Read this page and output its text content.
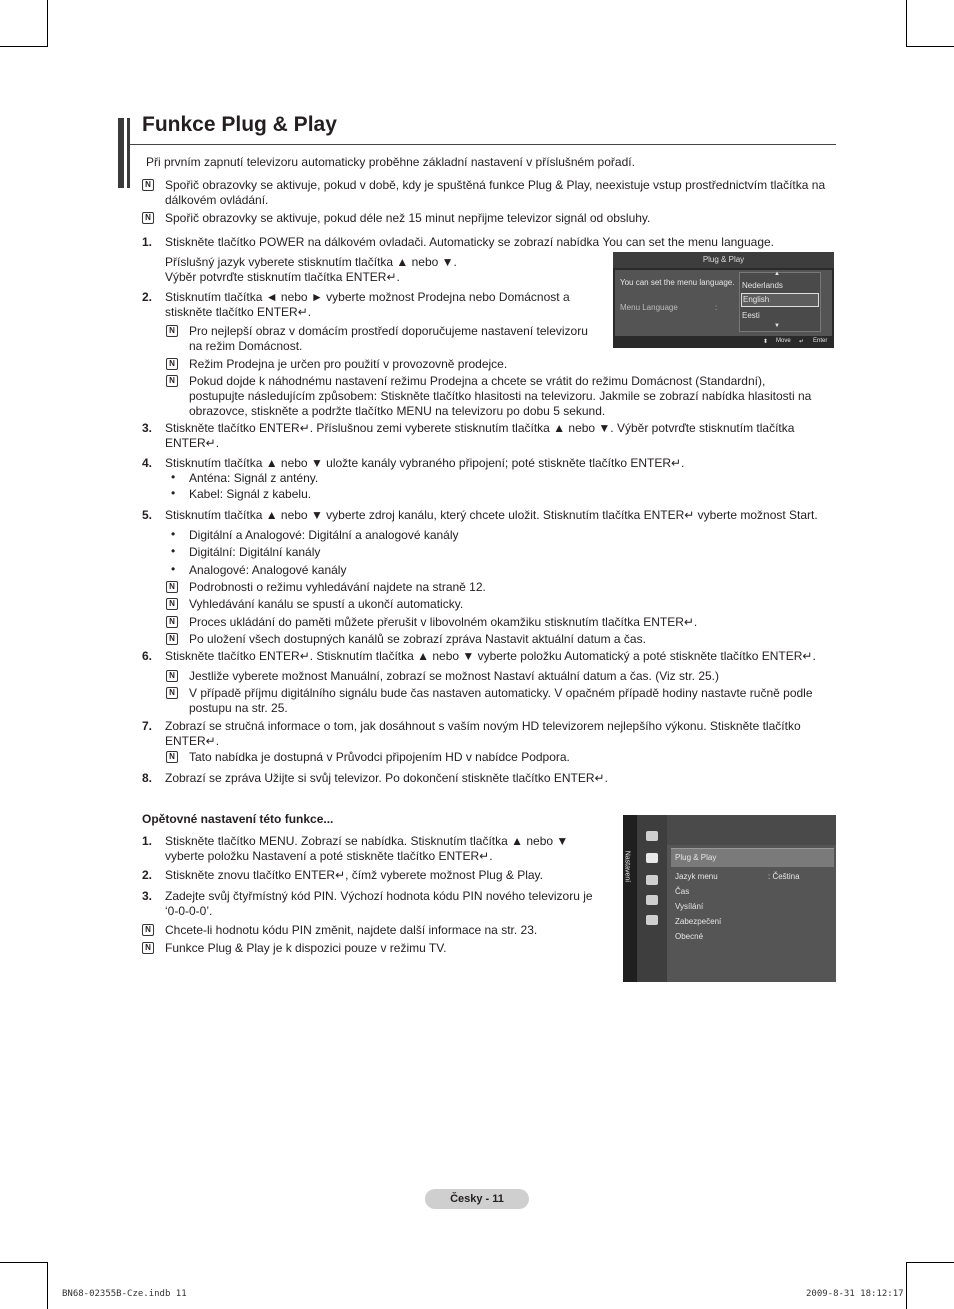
Funkce Plug & Play
Při prvním zapnutí televizoru automaticky proběhne základní nastavení v příslušném pořadí.
N Spořič obrazovky se aktivuje, pokud v době, kdy je spuštěná funkce Plug & Play, neexistuje vstup prostřednictvím tlačítka na
dálkovém ovládání.
N Spořič obrazovky se aktivuje, pokud déle než 15 minut nepřijme televizor signál od obsluhy.
1. Stiskněte tlačítko POWER na dálkovém ovladači. Automaticky se zobrazí nabídka You can set the menu language.
Příslušný jazyk vyberete stisknutím tlačítka ▲ nebo ▼.
Výběr potvrďte stisknutím tlačítka ENTER↵.
2. Stisknutím tlačítka ◄ nebo ► vyberte možnost Prodejna nebo Domácnost a
stiskněte tlačítko ENTER↵.
N Pro nejlepší obraz v domácím prostředí doporučujeme nastavení televizoru
na režim Domácnost.
N Režim Prodejna je určen pro použití v provozovně prodejce.
N Pokud dojde k náhodnému nastavení režimu Prodejna a chcete se vrátit do režimu Domácnost (Standardní),
postupujte následujícím způsobem: Stiskněte tlačítko hlasitosti na televizoru. Jakmile se zobrazí nabídka hlasitosti na
obrazovce, stiskněte a podržte tlačítko MENU na televizoru po dobu 5 sekund.
3. Stiskněte tlačítko ENTER↵. Příslušnou zemi vyberete stisknutím tlačítka ▲ nebo ▼. Výběr potvrďte stisknutím tlačítka
ENTER↵.
4. Stisknutím tlačítka ▲ nebo ▼ uložte kanály vybraného připojení; poté stiskněte tlačítko ENTER↵.
• Anténa: Signál z antény.
• Kabel: Signál z kabelu.
5. Stisknutím tlačítka ▲ nebo ▼ vyberte zdroj kanálu, který chcete uložit. Stisknutím tlačítka ENTER↵ vyberte možnost Start.
• Digitální a Analogové: Digitální a analogové kanály
• Digitální: Digitální kanály
• Analogové: Analogové kanály
N Podrobnosti o režimu vyhledávání najdete na straně 12.
N Vyhledávání kanálu se spustí a ukončí automaticky.
N Proces ukládání do paměti můžete přerušit v libovolném okamžiku stisknutím tlačítka ENTER↵.
N Po uložení všech dostupných kanálů se zobrazí zpráva Nastavit aktuální datum a čas.
6. Stiskněte tlačítko ENTER↵. Stisknutím tlačítka ▲ nebo ▼ vyberte položku Automatický a poté stiskněte tlačítko ENTER↵.
N Jestliže vyberete možnost Manuální, zobrazí se možnost Nastaví aktuální datum a čas. (Viz str. 25.)
N V případě příjmu digitálního signálu bude čas nastaven automaticky. V opačném případě hodiny nastavte ručně podle
postupu na str. 25.
7. Zobrazí se stručná informace o tom, jak dosáhnout s vaším novým HD televizorem nejlepšího výkonu. Stiskněte tlačítko
ENTER↵.
N Tato nabídka je dostupná v Průvodci připojením HD v nabídce Podpora.
8. Zobrazí se zpráva Užijte si svůj televizor. Po dokončení stiskněte tlačítko ENTER↵.
Opětovné nastavení této funkce...
1. Stiskněte tlačítko MENU. Zobrazí se nabídka. Stisknutím tlačítka ▲ nebo ▼
vyberte položku Nastavení a poté stiskněte tlačítko ENTER↵.
2. Stiskněte znovu tlačítko ENTER↵, čímž vyberete možnost Plug & Play.
3. Zadejte svůj čtyřmístný kód PIN. Výchozí hodnota kódu PIN nového televizoru je
‘0-0-0-0’.
N Chcete-li hodnotu kódu PIN změnit, najdete další informace na str. 23.
N Funkce Plug & Play je k dispozici pouze v režimu TV.
Plug & Play
You can set the menu language.
Menu Language	:
▲
Nederlands
English
Eesti
▼
⬍ Move ↵ Enter
Nastavení	Plug & Play
Jazyk menu	: Čeština
Čas
Vysílání
Zabezpečení
Obecné
Česky - 11
BN68-02355B-Cze.indb 11	2009-8-31 18:12:17
